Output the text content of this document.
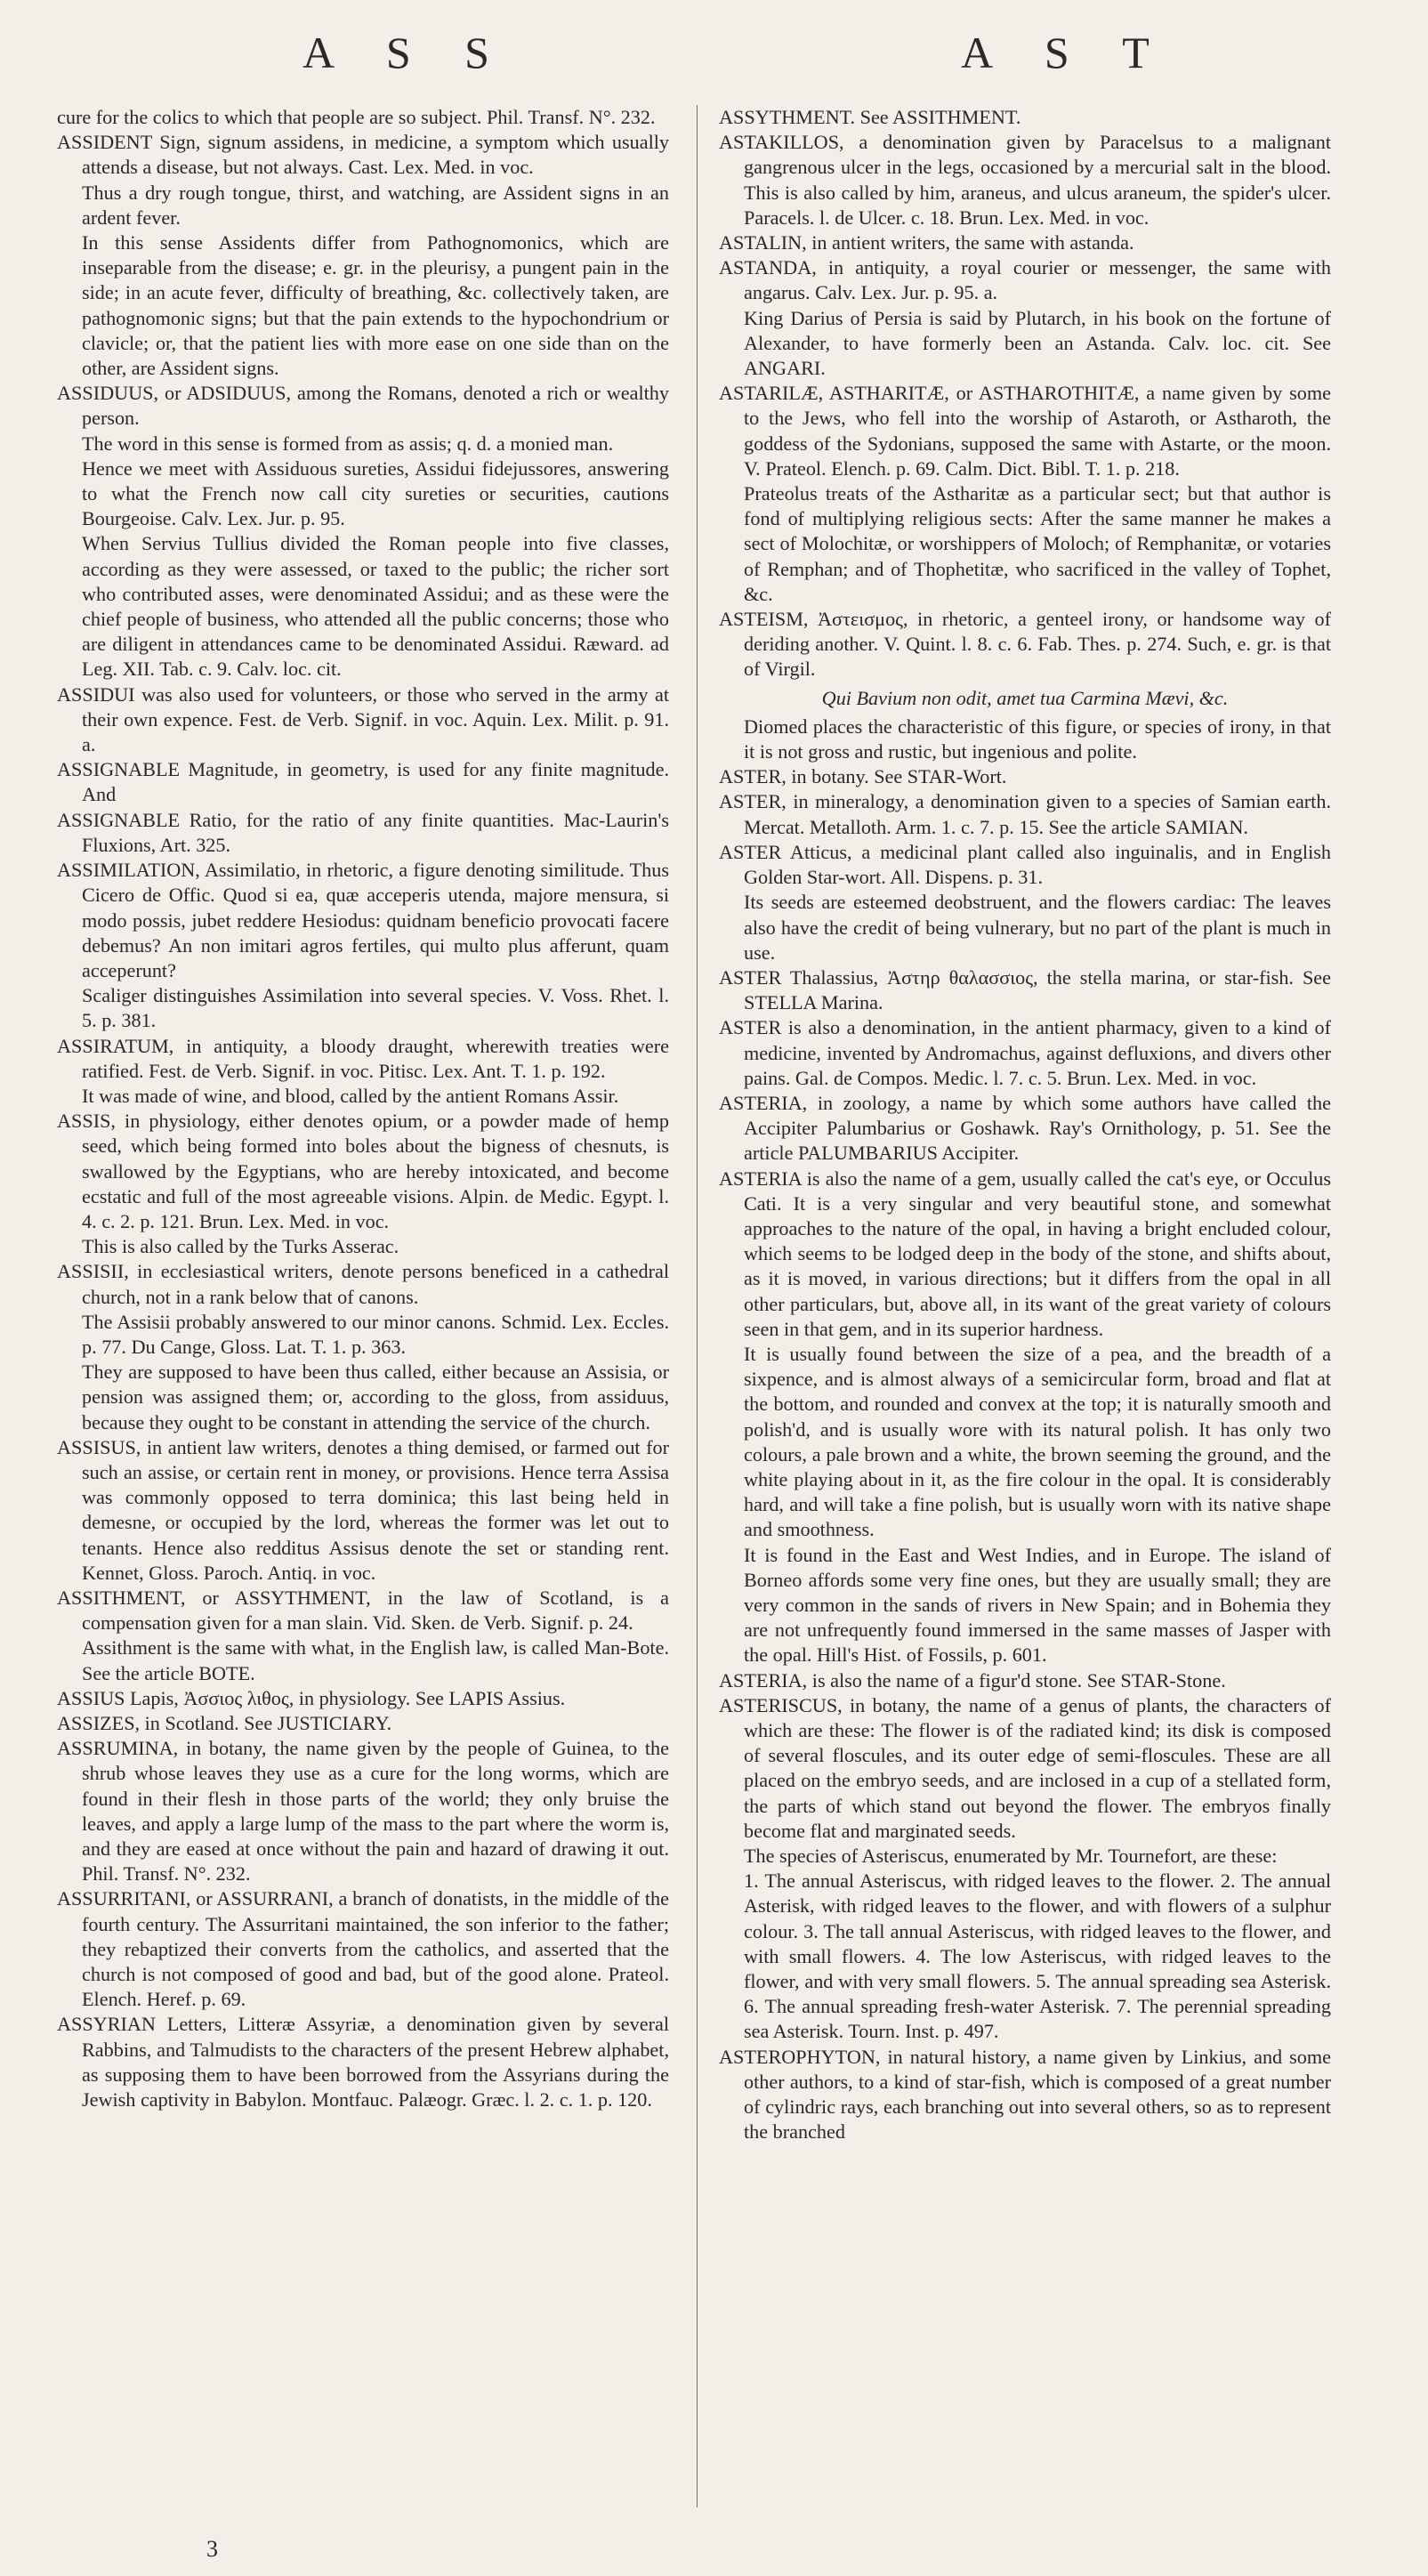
A S S	A S T

cure for the colics to which that people are so subject. Phil. Transf. N°. 232.

ASSIDENT Sign, signum assidens, in medicine, a symptom which usually attends a disease, but not always. Cast. Lex. Med. in voc.

Thus a dry rough tongue, thirst, and watching, are Assident signs in an ardent fever.

In this sense Assidents differ from Pathognomonics, which are inseparable from the disease; e. gr. in the pleurisy, a pungent pain in the side; in an acute fever, difficulty of breathing, &c. collectively taken, are pathognomonic signs; but that the pain extends to the hypochondrium or clavicle; or, that the patient lies with more ease on one side than on the other, are Assident signs.

ASSIDUUS, or ADSIDUUS, among the Romans, denoted a rich or wealthy person.

The word in this sense is formed from as assis; q. d. a monied man.

Hence we meet with Assiduous sureties, Assidui fidejussores, answering to what the French now call city sureties or securities, cautions Bourgeoise. Calv. Lex. Jur. p. 95.

When Servius Tullius divided the Roman people into five classes, according as they were assessed, or taxed to the public; the richer sort who contributed asses, were denominated Assidui; and as these were the chief people of business, who attended all the public concerns; those who are diligent in attendances came to be denominated Assidui. Ræward. ad Leg. XII. Tab. c. 9. Calv. loc. cit.

ASSIDUI was also used for volunteers, or those who served in the army at their own expence. Fest. de Verb. Signif. in voc. Aquin. Lex. Milit. p. 91. a.

ASSIGNABLE Magnitude, in geometry, is used for any finite magnitude. And

ASSIGNABLE Ratio, for the ratio of any finite quantities. Mac-Laurin's Fluxions, Art. 325.

ASSIMILATION, Assimilatio, in rhetoric, a figure denoting similitude. Thus Cicero de Offic. Quod si ea, quæ acceperis utenda, majore mensura, si modo possis, jubet reddere Hesiodus: quidnam beneficio provocati facere debemus? An non imitari agros fertiles, qui multo plus afferunt, quam acceperunt?

Scaliger distinguishes Assimilation into several species. V. Voss. Rhet. l. 5. p. 381.

ASSIRATUM, in antiquity, a bloody draught, wherewith treaties were ratified. Fest. de Verb. Signif. in voc. Pitisc. Lex. Ant. T. 1. p. 192.

It was made of wine, and blood, called by the antient Romans Assir.

ASSIS, in physiology, either denotes opium, or a powder made of hemp seed, which being formed into boles about the bigness of chesnuts, is swallowed by the Egyptians, who are hereby intoxicated, and become ecstatic and full of the most agreeable visions. Alpin. de Medic. Egypt. l. 4. c. 2. p. 121. Brun. Lex. Med. in voc.

This is also called by the Turks Asserac.

ASSISII, in ecclesiastical writers, denote persons beneficed in a cathedral church, not in a rank below that of canons.

The Assisii probably answered to our minor canons. Schmid. Lex. Eccles. p. 77. Du Cange, Gloss. Lat. T. 1. p. 363.

They are supposed to have been thus called, either because an Assisia, or pension was assigned them; or, according to the gloss, from assiduus, because they ought to be constant in attending the service of the church.

ASSISUS, in antient law writers, denotes a thing demised, or farmed out for such an assise, or certain rent in money, or provisions. Hence terra Assisa was commonly opposed to terra dominica; this last being held in demesne, or occupied by the lord, whereas the former was let out to tenants. Hence also redditus Assisus denote the set or standing rent. Kennet, Gloss. Paroch. Antiq. in voc.

ASSITHMENT, or ASSYTHMENT, in the law of Scotland, is a compensation given for a man slain. Vid. Sken. de Verb. Signif. p. 24.

Assithment is the same with what, in the English law, is called Man-Bote. See the article BOTE.

ASSIUS Lapis, Ἀσσιος λιθος, in physiology. See LAPIS Assius.

ASSIZES, in Scotland. See JUSTICIARY.

ASSRUMINA, in botany, the name given by the people of Guinea, to the shrub whose leaves they use as a cure for the long worms, which are found in their flesh in those parts of the world; they only bruise the leaves, and apply a large lump of the mass to the part where the worm is, and they are eased at once without the pain and hazard of drawing it out. Phil. Transf. N°. 232.

ASSURRITANI, or ASSURRANI, a branch of donatists, in the middle of the fourth century. The Assurritani maintained, the son inferior to the father; they rebaptized their converts from the catholics, and asserted that the church is not composed of good and bad, but of the good alone. Prateol. Elench. Heref. p. 69.

ASSYRIAN Letters, Litteræ Assyriæ, a denomination given by several Rabbins, and Talmudists to the characters of the present Hebrew alphabet, as supposing them to have been borrowed from the Assyrians during the Jewish captivity in Babylon. Montfauc. Palæogr. Græc. l. 2. c. 1. p. 120.

ASSYTHMENT. See ASSITHMENT.

ASTAKILLOS, a denomination given by Paracelsus to a malignant gangrenous ulcer in the legs, occasioned by a mercurial salt in the blood. This is also called by him, araneus, and ulcus araneum, the spider's ulcer. Paracels. l. de Ulcer. c. 18. Brun. Lex. Med. in voc.

ASTALIN, in antient writers, the same with astanda.

ASTANDA, in antiquity, a royal courier or messenger, the same with angarus. Calv. Lex. Jur. p. 95. a.

King Darius of Persia is said by Plutarch, in his book on the fortune of Alexander, to have formerly been an Astanda. Calv. loc. cit. See ANGARI.

ASTARILÆ, ASTHARITÆ, or ASTHAROTHITÆ, a name given by some to the Jews, who fell into the worship of Astaroth, or Astharoth, the goddess of the Sydonians, supposed the same with Astarte, or the moon. V. Prateol. Elench. p. 69. Calm. Dict. Bibl. T. 1. p. 218.

Prateolus treats of the Astharitæ as a particular sect; but that author is fond of multiplying religious sects: After the same manner he makes a sect of Molochitæ, or worshippers of Moloch; of Remphanitæ, or votaries of Remphan; and of Thophetitæ, who sacrificed in the valley of Tophet, &c.

ASTEISM, Ἀστεισμος, in rhetoric, a genteel irony, or handsome way of deriding another. V. Quint. l. 8. c. 6. Fab. Thes. p. 274. Such, e. gr. is that of Virgil.

Qui Bavium non odit, amet tua Carmina Mævi, &c.

Diomed places the characteristic of this figure, or species of irony, in that it is not gross and rustic, but ingenious and polite.

ASTER, in botany. See STAR-Wort.

ASTER, in mineralogy, a denomination given to a species of Samian earth. Mercat. Metalloth. Arm. 1. c. 7. p. 15. See the article SAMIAN.

ASTER Atticus, a medicinal plant called also inguinalis, and in English Golden Star-wort. All. Dispens. p. 31.

Its seeds are esteemed deobstruent, and the flowers cardiac: The leaves also have the credit of being vulnerary, but no part of the plant is much in use.

ASTER Thalassius, Ἀστηρ θαλασσιος, the stella marina, or star-fish. See STELLA Marina.

ASTER is also a denomination, in the antient pharmacy, given to a kind of medicine, invented by Andromachus, against defluxions, and divers other pains. Gal. de Compos. Medic. l. 7. c. 5. Brun. Lex. Med. in voc.

ASTERIA, in zoology, a name by which some authors have called the Accipiter Palumbarius or Goshawk. Ray's Ornithology, p. 51. See the article PALUMBARIUS Accipiter.

ASTERIA is also the name of a gem, usually called the cat's eye, or Occulus Cati. It is a very singular and very beautiful stone, and somewhat approaches to the nature of the opal, in having a bright encluded colour, which seems to be lodged deep in the body of the stone, and shifts about, as it is moved, in various directions; but it differs from the opal in all other particulars, but, above all, in its want of the great variety of colours seen in that gem, and in its superior hardness.

It is usually found between the size of a pea, and the breadth of a sixpence, and is almost always of a semicircular form, broad and flat at the bottom, and rounded and convex at the top; it is naturally smooth and polish'd, and is usually wore with its natural polish. It has only two colours, a pale brown and a white, the brown seeming the ground, and the white playing about in it, as the fire colour in the opal. It is considerably hard, and will take a fine polish, but is usually worn with its native shape and smoothness.

It is found in the East and West Indies, and in Europe. The island of Borneo affords some very fine ones, but they are usually small; they are very common in the sands of rivers in New Spain; and in Bohemia they are not unfrequently found immersed in the same masses of Jasper with the opal. Hill's Hist. of Fossils, p. 601.

ASTERIA, is also the name of a figur'd stone. See STAR-Stone.

ASTERISCUS, in botany, the name of a genus of plants, the characters of which are these: The flower is of the radiated kind; its disk is composed of several floscules, and its outer edge of semi-floscules. These are all placed on the embryo seeds, and are inclosed in a cup of a stellated form, the parts of which stand out beyond the flower. The embryos finally become flat and marginated seeds.

The species of Asteriscus, enumerated by Mr. Tournefort, are these:

1. The annual Asteriscus, with ridged leaves to the flower. 2. The annual Asterisk, with ridged leaves to the flower, and with flowers of a sulphur colour. 3. The tall annual Asteriscus, with ridged leaves to the flower, and with small flowers. 4. The low Asteriscus, with ridged leaves to the flower, and with very small flowers. 5. The annual spreading sea Asterisk. 6. The annual spreading fresh-water Asterisk. 7. The perennial spreading sea Asterisk. Tourn. Inst. p. 497.

ASTEROPHYTON, in natural history, a name given by Linkius, and some other authors, to a kind of star-fish, which is composed of a great number of cylindric rays, each branching out into several others, so as to represent the branched

3
